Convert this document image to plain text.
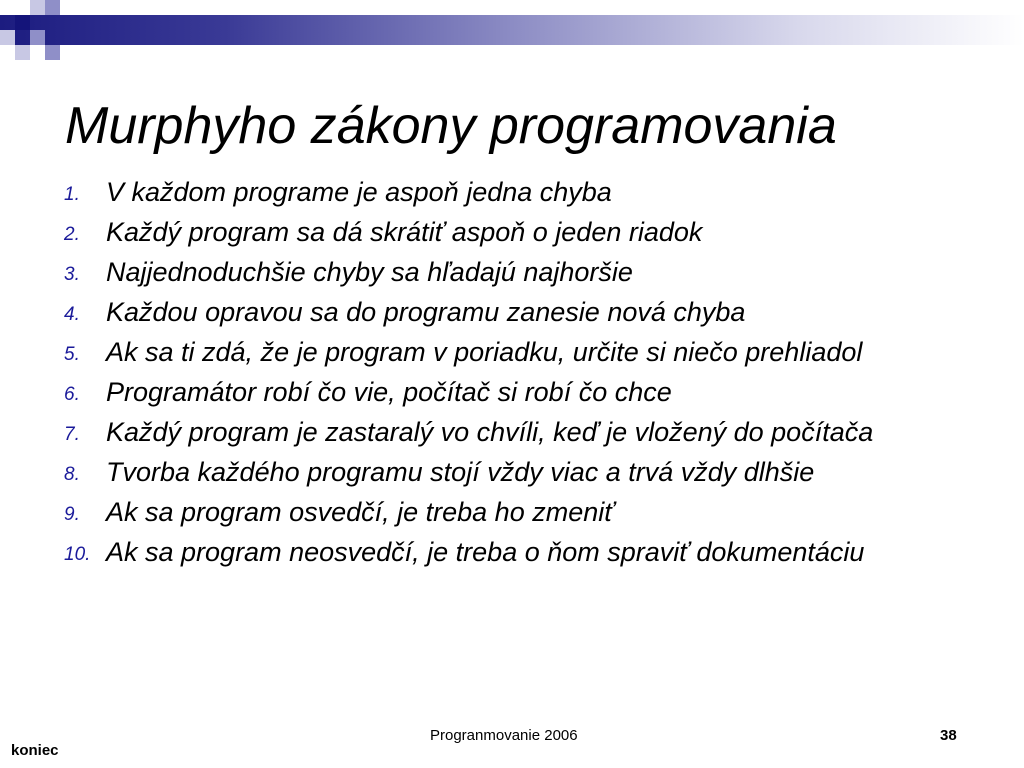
Murphyho zákony programovania
1. V každom programe je aspoň jedna chyba
2. Každý program sa dá skrátiť aspoň o jeden riadok
3. Najjednoduchšie chyby sa hľadajú najhoršie
4. Každou opravou sa do programu zanesie nová chyba
5. Ak sa ti zdá, že je program v poriadku, určite si niečo prehliadol
6. Programátor robí čo vie, počítač si robí čo chce
7. Každý program je zastaralý vo chvíli, keď je vložený do počítača
8. Tvorba každého programu stojí vždy viac a trvá vždy dlhšie
9. Ak sa program osvedčí, je treba ho zmeniť
10. Ak sa program neosvedčí, je treba o ňom spraviť dokumentáciu
Progranmovanie 2006	38
koniec
